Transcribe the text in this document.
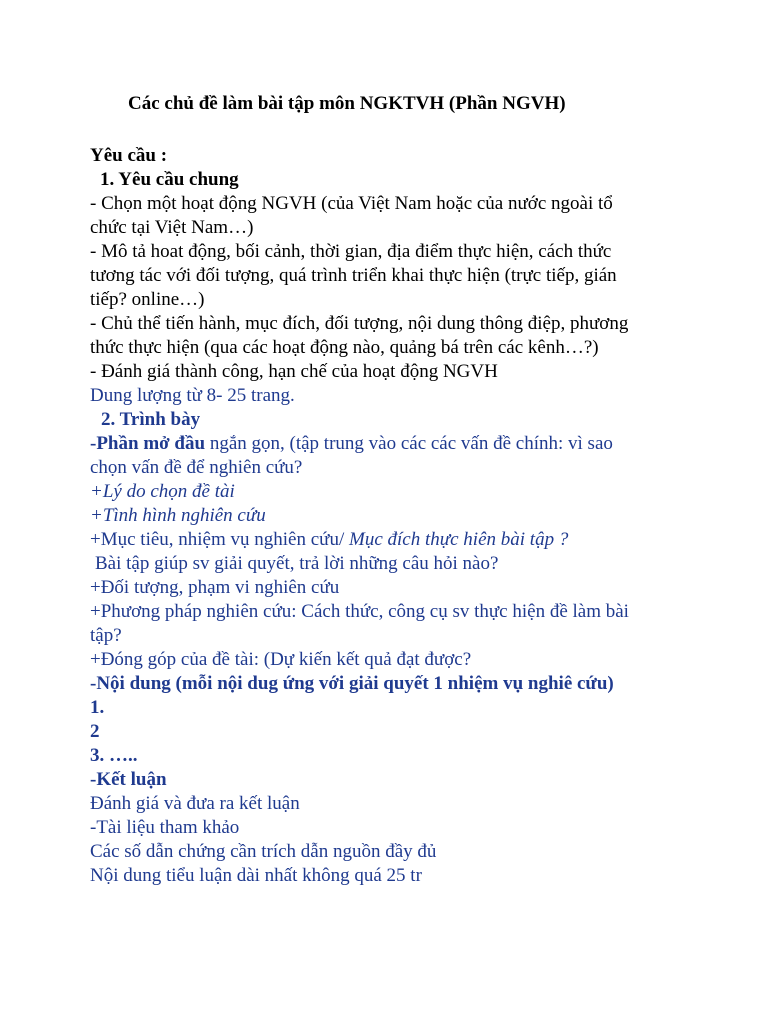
Các chủ đề làm bài tập môn NGKTVH (Phần NGVH)
Yêu cầu :
1. Yêu cầu chung
- Chọn một hoạt động NGVH (của Việt Nam hoặc của nước ngoài tổ
chức tại Việt Nam…)
- Mô tả hoat động, bối cảnh, thời gian, địa điểm thực hiện, cách thức
tương tác với đối tượng, quá trình triển khai thực hiện (trực tiếp, gián
tiếp? online…)
- Chủ thể tiến hành, mục đích, đối tượng, nội dung thông điệp, phương
thức thực hiện (qua các hoạt động nào, quảng bá trên các kênh…?)
- Đánh giá thành công, hạn chế của hoạt động NGVH
Dung lượng từ 8- 25 trang.
2. Trình bày
-Phần mở đầu ngắn gọn, (tập trung vào các các vấn đề chính: vì sao
chọn vấn đề để nghiên cứu?
+Lý do chọn đề tài
+Tình hình nghiên cứu
+Mục tiêu, nhiệm vụ nghiên cứu/ Mục đích thực hiên bài tập ?
Bài tập giúp sv giải quyết, trả lời những câu hỏi nào?
+Đối tượng, phạm vi nghiên cứu
+Phương pháp nghiên cứu: Cách thức, công cụ sv thực hiện đề làm bài
tập?
+Đóng góp của đề tài: (Dự kiến kết quả đạt được?
-Nội dung (mỗi nội dug ứng với giải quyết 1 nhiệm vụ nghiê cứu)
1.
2
3. …..
-Kết luận
Đánh giá và đưa ra kết luận
-Tài liệu tham khảo
Các số dẫn chứng cần trích dẫn nguồn đầy đủ
Nội dung tiểu luận dài nhất không quá 25 tr
